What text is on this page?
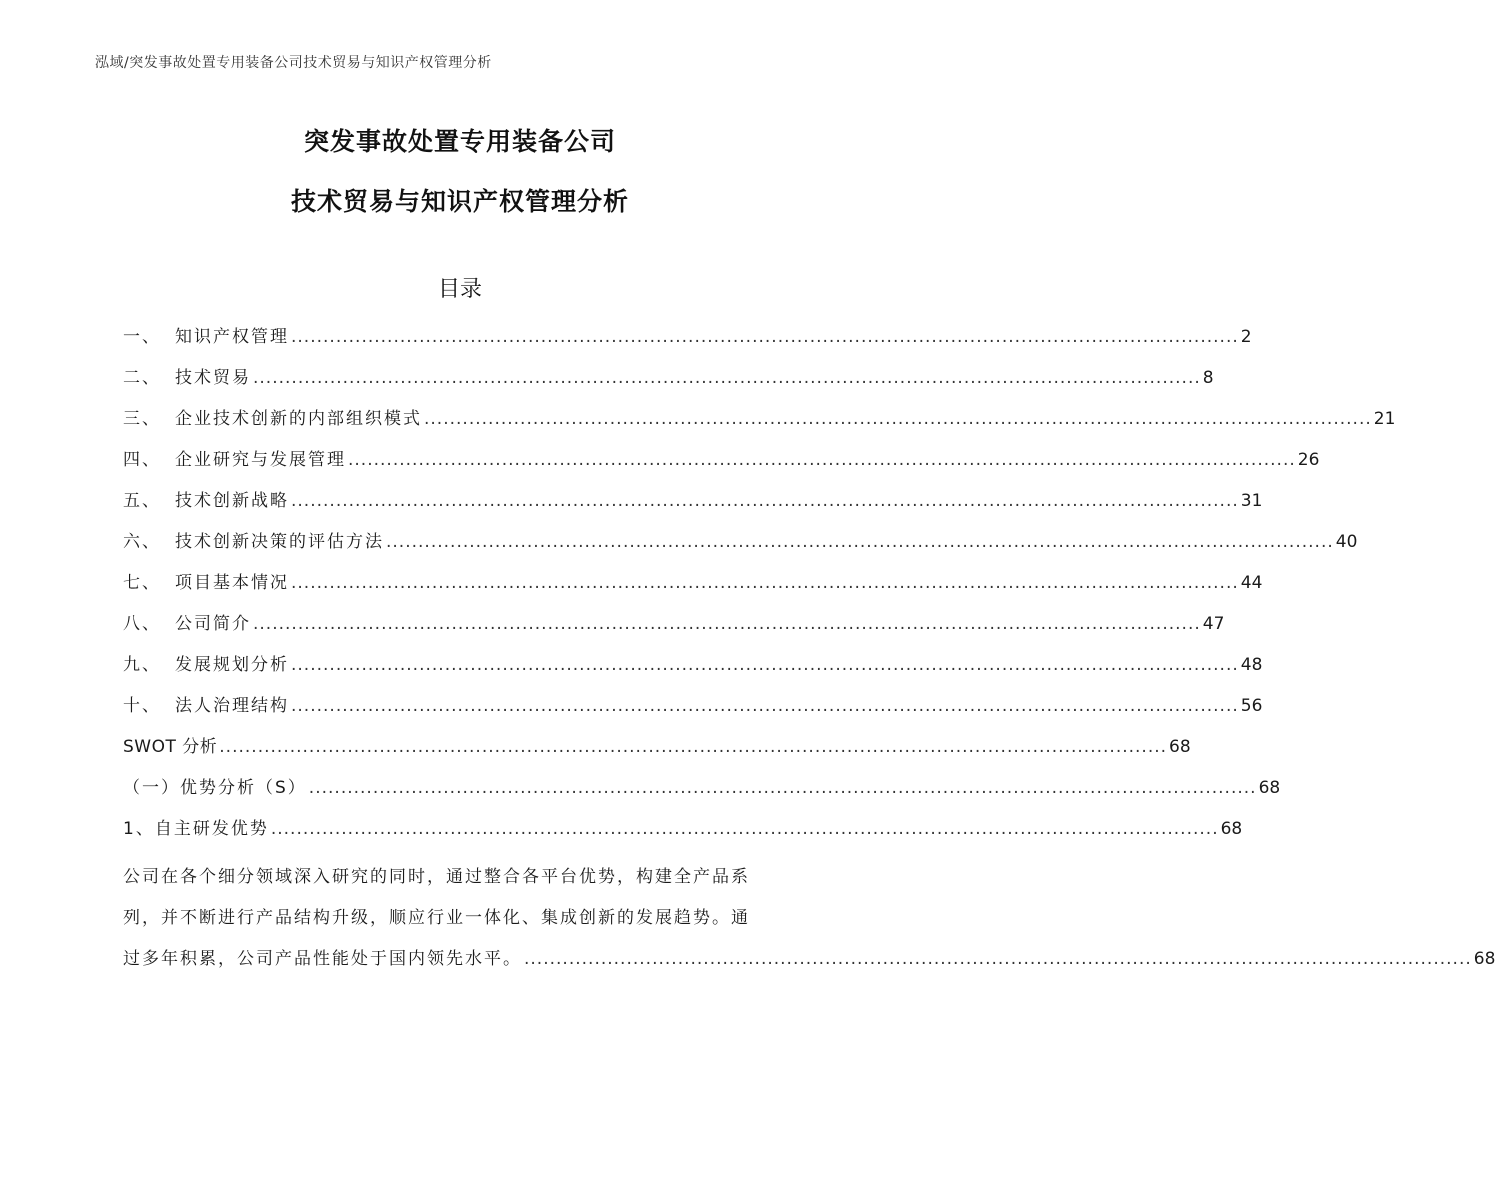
泓域/突发事故处置专用装备公司技术贸易与知识产权管理分析
突发事故处置专用装备公司
技术贸易与知识产权管理分析
目录
一、 知识产权管理 .................................................................................................................................................... 2
二、 技术贸易 .................................................................................................................................................... 8
三、 企业技术创新的内部组织模式 .................................................................................................................................................... 21
四、 企业研究与发展管理 .................................................................................................................................................... 26
五、 技术创新战略 .................................................................................................................................................... 31
六、 技术创新决策的评估方法 .................................................................................................................................................... 40
七、 项目基本情况 .................................................................................................................................................... 44
八、 公司简介 .................................................................................................................................................... 47
九、 发展规划分析 .................................................................................................................................................... 48
十、 法人治理结构 .................................................................................................................................................... 56
SWOT 分析 .................................................................................................................................................... 68
（一）优势分析（S） .................................................................................................................................................... 68
1、自主研发优势 .................................................................................................................................................... 68
公司在各个细分领域深入研究的同时，通过整合各平台优势，构建全产品系
列，并不断进行产品结构升级，顺应行业一体化、集成创新的发展趋势。通
过多年积累，公司产品性能处于国内领先水平。 .................................................................................................................................................... 68
